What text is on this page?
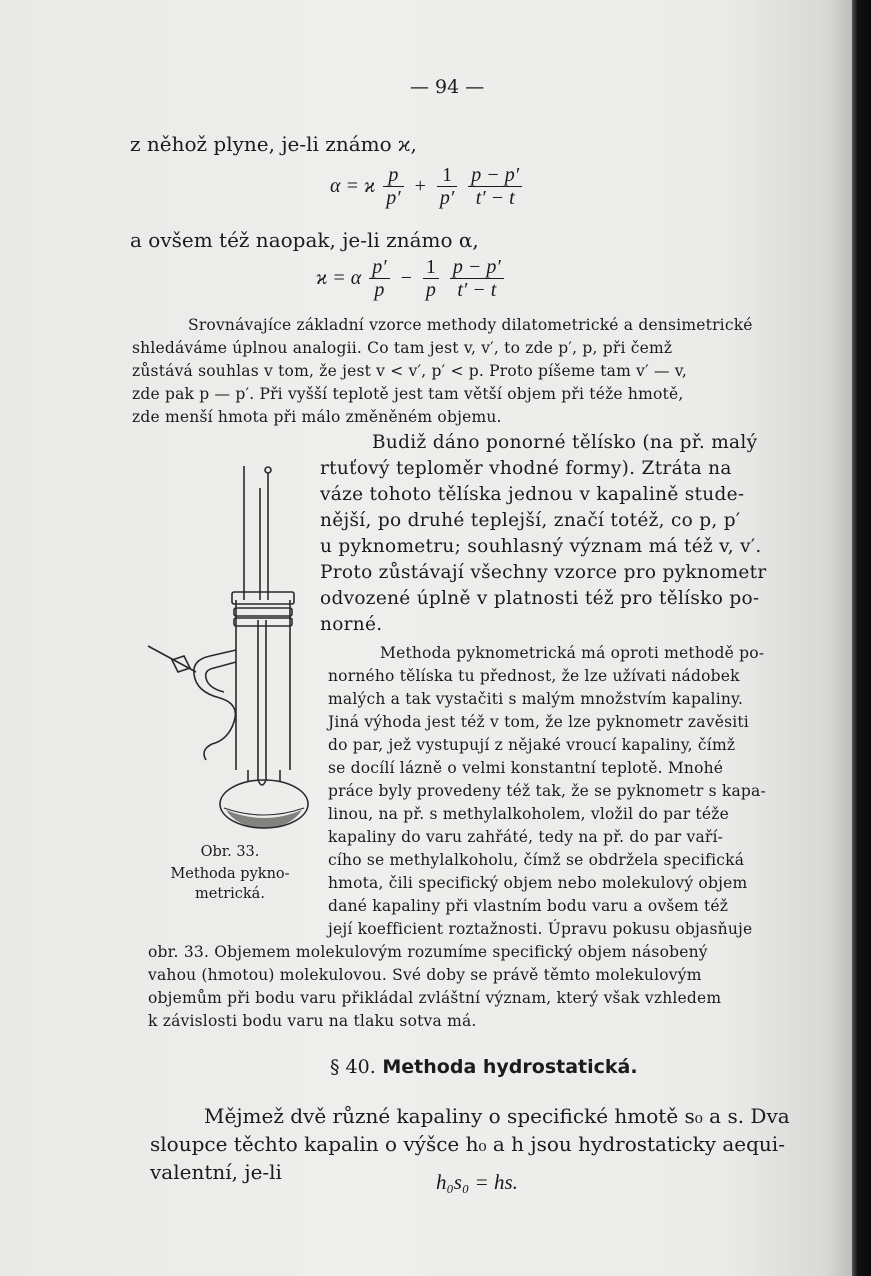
— 94 —
z něhož plyne, je-li známo ϰ,
α = ϰ $\frac{p}{p'} + \frac{1}{p'}$
$\frac{p - p'}{t' - t}$
a ovšem též naopak, je-li známo α,
ϰ = α $\frac{p'}{p} - \frac{1}{p}$
$\frac{p - p'}{t' - t}$
Srovnávajíce základní vzorce methody dilatometrické a densimetrické
shledáváme úplnou analogii. Co tam jest v, v′, to zde p′, p, při čemž
zůstává souhlas v tom, že jest v < v′, p′ < p. Proto píšeme tam v′ — v,
zde pak p — p′. Při vyšší teplotě jest tam větší objem při téže hmotě,
zde menší hmota při málo změněném objemu.
Budiž dáno ponorné tělísko (na př. malý
rtuťový teploměr vhodné formy). Ztráta na
váze tohoto tělíska jednou v kapalině stude-
nější, po druhé teplejší, značí totéž, co p, p′
u pyknometru; souhlasný význam má též v, v′.
Proto zůstávají všechny vzorce pro pyknometr
odvozené úplně v platnosti též pro tělísko po-
norné.
Methoda pyknometrická má oproti methodě po-
norného tělíska tu přednost, že lze užívati nádobek
malých a tak vystačiti s malým množstvím kapaliny.
Jiná výhoda jest též v tom, že lze pyknometr zavěsiti
do par, jež vystupují z nějaké vroucí kapaliny, čímž
se docílí lázně o velmi konstantní teplotě. Mnohé
práce byly provedeny též tak, že se pyknometr s kapa-
linou, na př. s methylalkoholem, vložil do par téže
kapaliny do varu zahřáté, tedy na př. do par vaří-
cího se methylalkoholu, čímž se obdržela specifická
hmota, čili specifický objem nebo molekulový objem
dané kapaliny při vlastním bodu varu a ovšem též
její koefficient roztažnosti. Úpravu pokusu objasňuje
obr. 33. Objemem molekulovým rozumíme specifický objem násobený
vahou (hmotou) molekulovou. Své doby se právě těmto molekulovým
objemům při bodu varu přikládal zvláštní význam, který však vzhledem
k závislosti bodu varu na tlaku sotva má.
Obr. 33.
Methoda pykno-
metrická.
§ 40. Methoda hydrostatická.
Mějmež dvě různé kapaliny o specifické hmotě s₀ a s. Dva
sloupce těchto kapalin o výšce h₀ a h jsou hydrostaticky aequi-
valentní, je-li	h₀s₀ = hs.
